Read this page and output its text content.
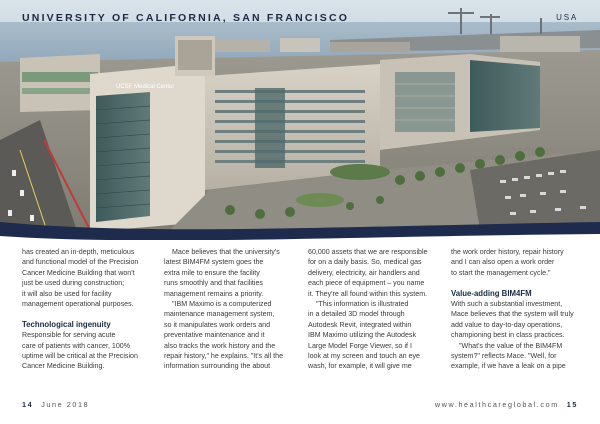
UCSF Medical Center
UNIVERSITY OF CALIFORNIA, SAN FRANCISCO	USA

has created an in-depth, meticulous
and functional model of the Precision
Cancer Medicine Building that won't
just be used during construction;
it will also be used for facility
management operational purposes.

Technological ingenuity

Responsible for serving acute
care of patients with cancer, 100%
uptime will be critical at the Precision
Cancer Medicine Building.

Mace believes that the university's
latest BIM4FM system goes the
extra mile to ensure the facility
runs smoothly and that facilities
management remains a priority.

"IBM Maximo is a computerized
maintenance management system,
so it manipulates work orders and
preventative maintenance and it
also tracks the work history and the
repair history," he explains. "It's all the
information surrounding the about

60,000 assets that we are responsible
for on a daily basis. So, medical gas
delivery, electricity, air handlers and
each piece of equipment – you name
it. They're all found within this system.

"This information is illustrated
in a detailed 3D model through
Autodesk Revit, integrated within
IBM Maximo utilizing the Autodesk
Large Model Forge Viewer, so if I
look at my screen and touch an eye
wash, for example, it will give me

the work order history, repair history
and I can also open a work order
to start the management cycle."

Value-adding BIM4FM

With such a substantial investment,
Mace believes that the system will truly
add value to day-to-day operations,
championing best in class practices.

"What's the value of the BIM4FM
system?" reflects Mace. "Well, for
example, if we have a leak on a pipe

14 June 2018	www.healthcareglobal.com 15
